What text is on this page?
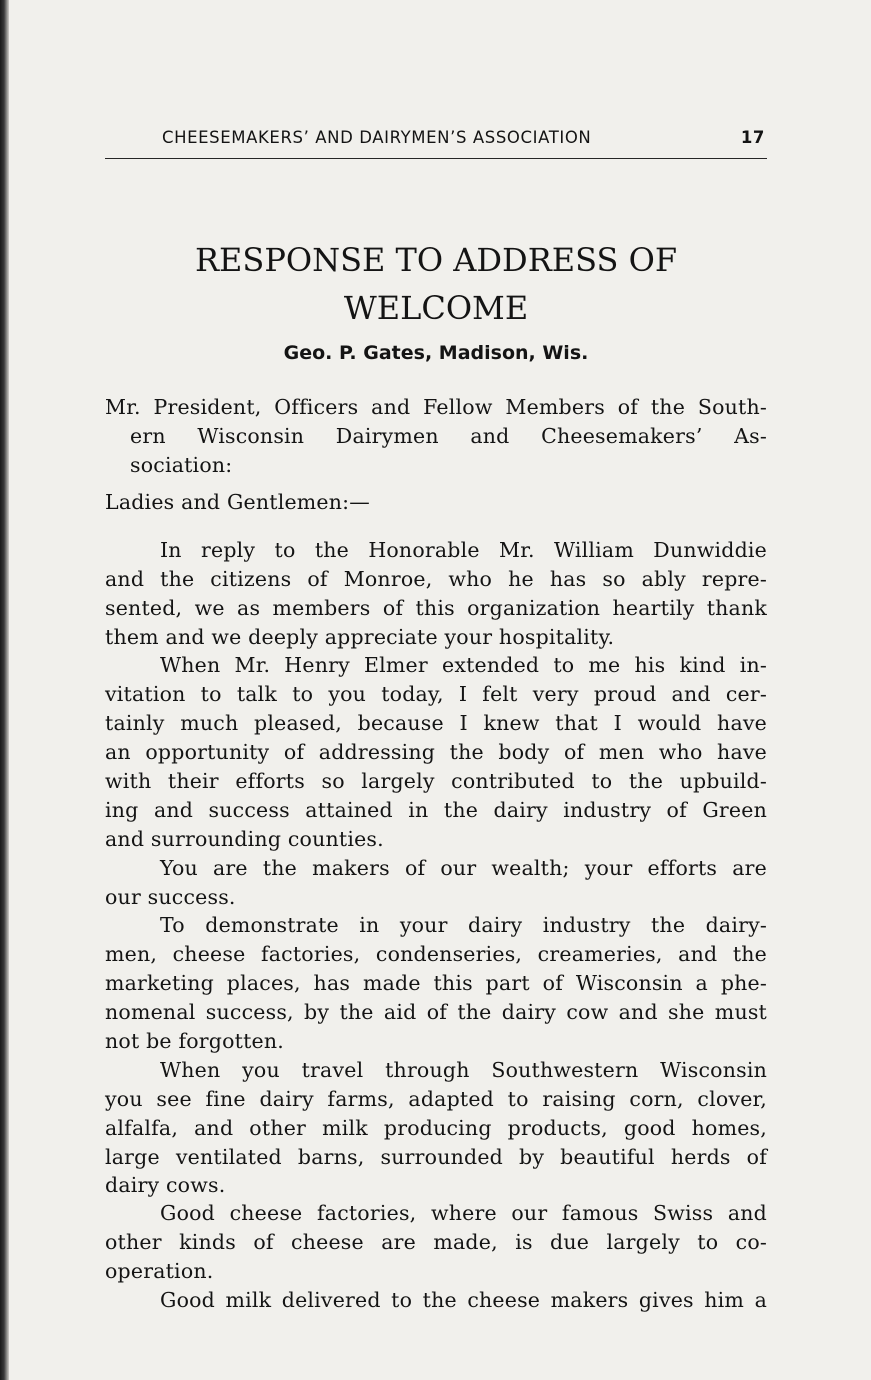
CHEESEMAKERS’ AND DAIRYMEN’S ASSOCIATION	17
RESPONSE TO ADDRESS OF
WELCOME
Geo. P. Gates, Madison, Wis.
Mr. President, Officers and Fellow Members of the South-
ern Wisconsin Dairymen and Cheesemakers’ As-
sociation:
Ladies and Gentlemen:—
In reply to the Honorable Mr. William Dunwiddie
and the citizens of Monroe, who he has so ably repre-
sented, we as members of this organization heartily thank
them and we deeply appreciate your hospitality.
When Mr. Henry Elmer extended to me his kind in-
vitation to talk to you today, I felt very proud and cer-
tainly much pleased, because I knew that I would have
an opportunity of addressing the body of men who have
with their efforts so largely contributed to the upbuild-
ing and success attained in the dairy industry of Green
and surrounding counties.
You are the makers of our wealth; your efforts are
our success.
To demonstrate in your dairy industry the dairy-
men, cheese factories, condenseries, creameries, and the
marketing places, has made this part of Wisconsin a phe-
nomenal success, by the aid of the dairy cow and she must
not be forgotten.
When you travel through Southwestern Wisconsin
you see fine dairy farms, adapted to raising corn, clover,
alfalfa, and other milk producing products, good homes,
large ventilated barns, surrounded by beautiful herds of
dairy cows.
Good cheese factories, where our famous Swiss and
other kinds of cheese are made, is due largely to co-
operation.
Good milk delivered to the cheese makers gives him a
